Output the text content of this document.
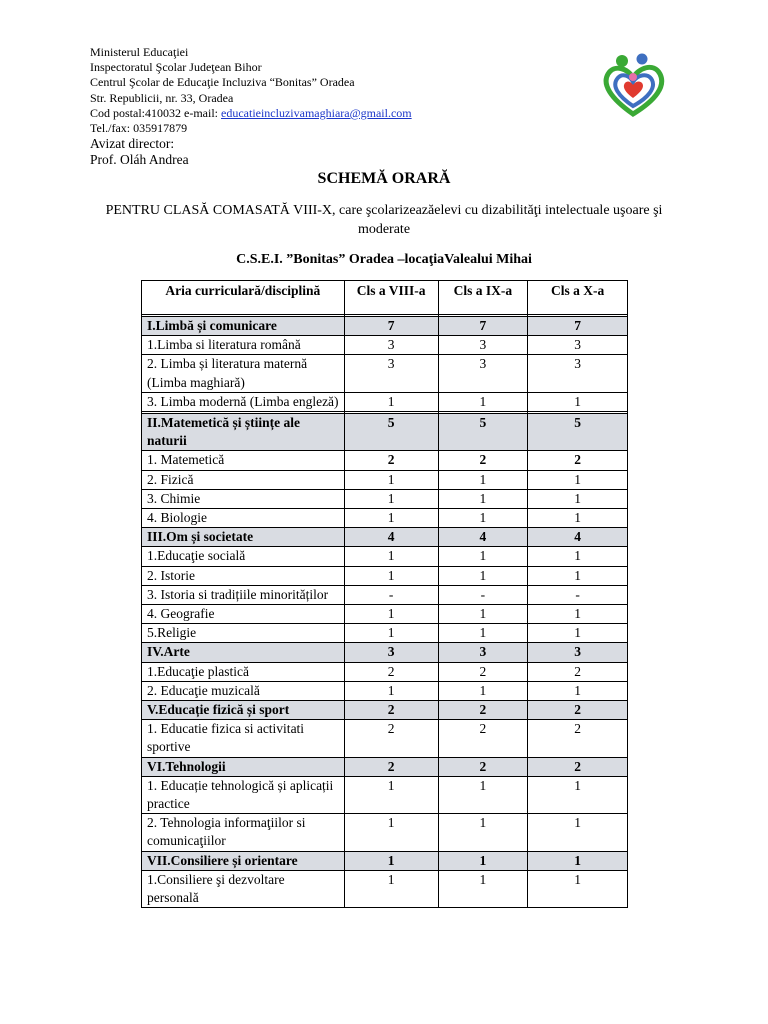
Ministerul Educaţiei
Inspectoratul Şcolar Judeţean Bihor
Centrul Şcolar de Educaţie Incluziva “Bonitas” Oradea
Str. Republicii, nr. 33, Oradea
Cod postal:410032 e-mail: educatieincluzivamaghiara@gmail.com
Tel./fax: 035917879
Avizat director:
Prof. Oláh Andrea
SCHEMĂ ORARĂ
PENTRU CLASĂ COMASATĂ VIII-X, care şcolarizeazăelevi cu dizabilităţi intelectuale uşoare şi moderate
C.S.E.I. ”Bonitas” Oradea –locaţiaValealui Mihai
Aria curriculară/disciplină	Cls a VIII-a	Cls a IX-a	Cls a X-a

I.Limbă și comunicare	7	7	7
1.Limba si literatura română	3	3	3
2. Limba și literatura maternă (Limba maghiară)	3	3	3
3. Limba modernă (Limba engleză)	1	1	1

II.Matemetică și științe ale naturii	5	5	5
1. Matemetică	2	2	2
2. Fizică	1	1	1
3. Chimie	1	1	1
4. Biologie	1	1	1
III.Om și societate	4	4	4
1.Educaţie socială	1	1	1
2. Istorie	1	1	1
3. Istoria si tradițiile minorităților	-	-	-
4. Geografie	1	1	1
5.Religie	1	1	1
IV.Arte	3	3	3
1.Educaţie plastică	2	2	2
2. Educaţie muzicală	1	1	1
V.Educație fizică și sport	2	2	2
1. Educatie fizica si activitati sportive	2	2	2
VI.Tehnologii	2	2	2
1. Educație tehnologică și aplicații practice	1	1	1
2. Tehnologia informaţiilor si comunicaţiilor	1	1	1
VII.Consiliere și orientare	1	1	1
1.Consiliere şi dezvoltare personală	1	1	1
